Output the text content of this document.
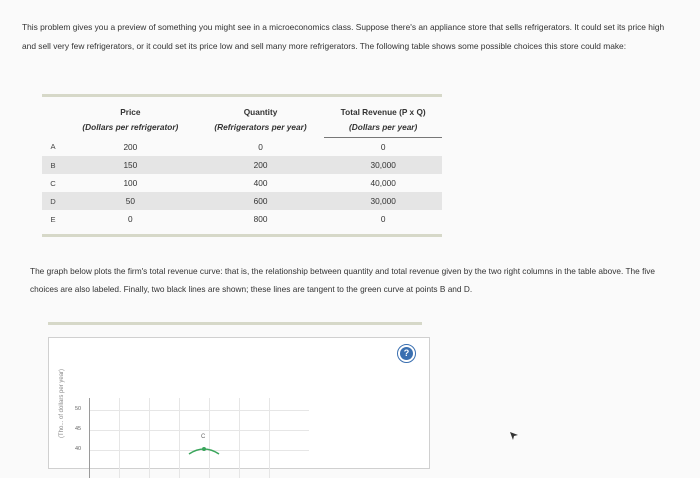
This problem gives you a preview of something you might see in a microeconomics class. Suppose there's an appliance store that sells refrigerators. It could set its price high and sell very few refrigerators, or it could set its price low and sell many more refrigerators. The following table shows some possible choices this store could make:
	Price	Quantity	Total Revenue (P x Q)
	(Dollars per refrigerator)	(Refrigerators per year)	(Dollars per year)

A	200	0	0
B	150	200	30,000
C	100	400	40,000
D	50	600	30,000
E	0	800	0
The graph below plots the firm's total revenue curve: that is, the relationship between quantity and total revenue given by the two right columns in the table above. The five choices are also labeled. Finally, two black lines are shown; these lines are tangent to the green curve at points B and D.
?
(Tho... of dollars per year) 50
45
40
C
